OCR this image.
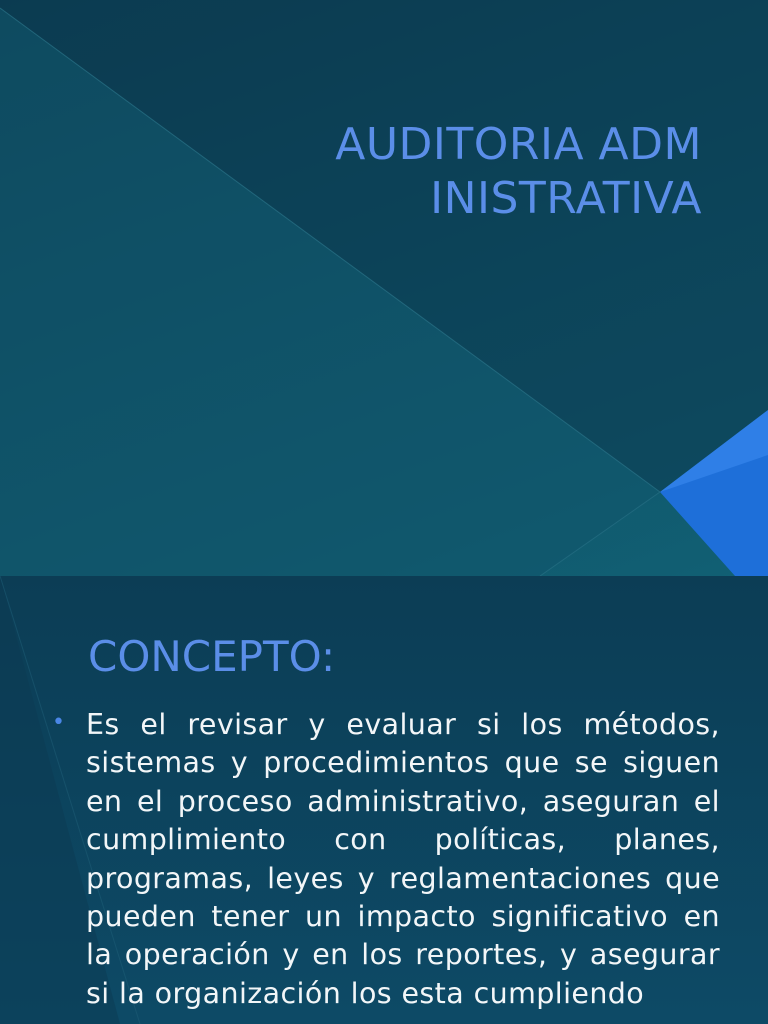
AUDITORIA ADMINISTRATIVA
CONCEPTO:
• Es el revisar y evaluar si los métodos, sistemas y procedimientos que se siguen en el proceso administrativo, aseguran el cumplimiento con políticas, planes, programas, leyes y reglamentaciones que pueden tener un impacto significativo en la operación y en los reportes, y asegurar si la organización los esta cumpliendo
